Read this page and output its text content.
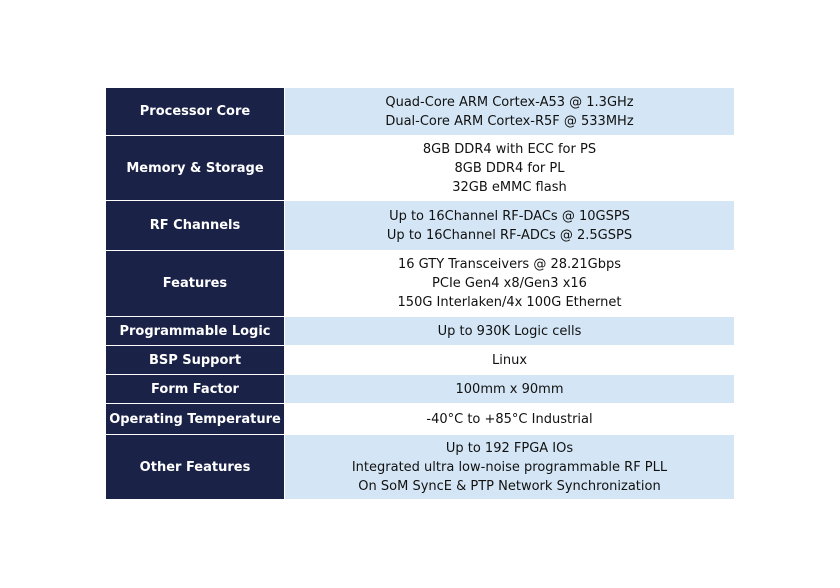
Processor Core	Quad-Core ARM Cortex-A53 @ 1.3GHz
Dual-Core ARM Cortex-R5F @ 533MHz

Memory & Storage	8GB DDR4 with ECC for PS
8GB DDR4 for PL
32GB eMMC flash

RF Channels	Up to 16Channel RF-DACs @ 10GSPS
Up to 16Channel RF-ADCs @ 2.5GSPS

Features	16 GTY Transceivers @ 28.21Gbps
PCIe Gen4 x8/Gen3 x16
150G Interlaken/4x 100G Ethernet

Programmable Logic	Up to 930K Logic cells

BSP Support	Linux

Form Factor	100mm x 90mm

Operating Temperature	-40°C to +85°C Industrial

Other Features	Up to 192 FPGA IOs
Integrated ultra low-noise programmable RF PLL
On SoM SyncE & PTP Network Synchronization
